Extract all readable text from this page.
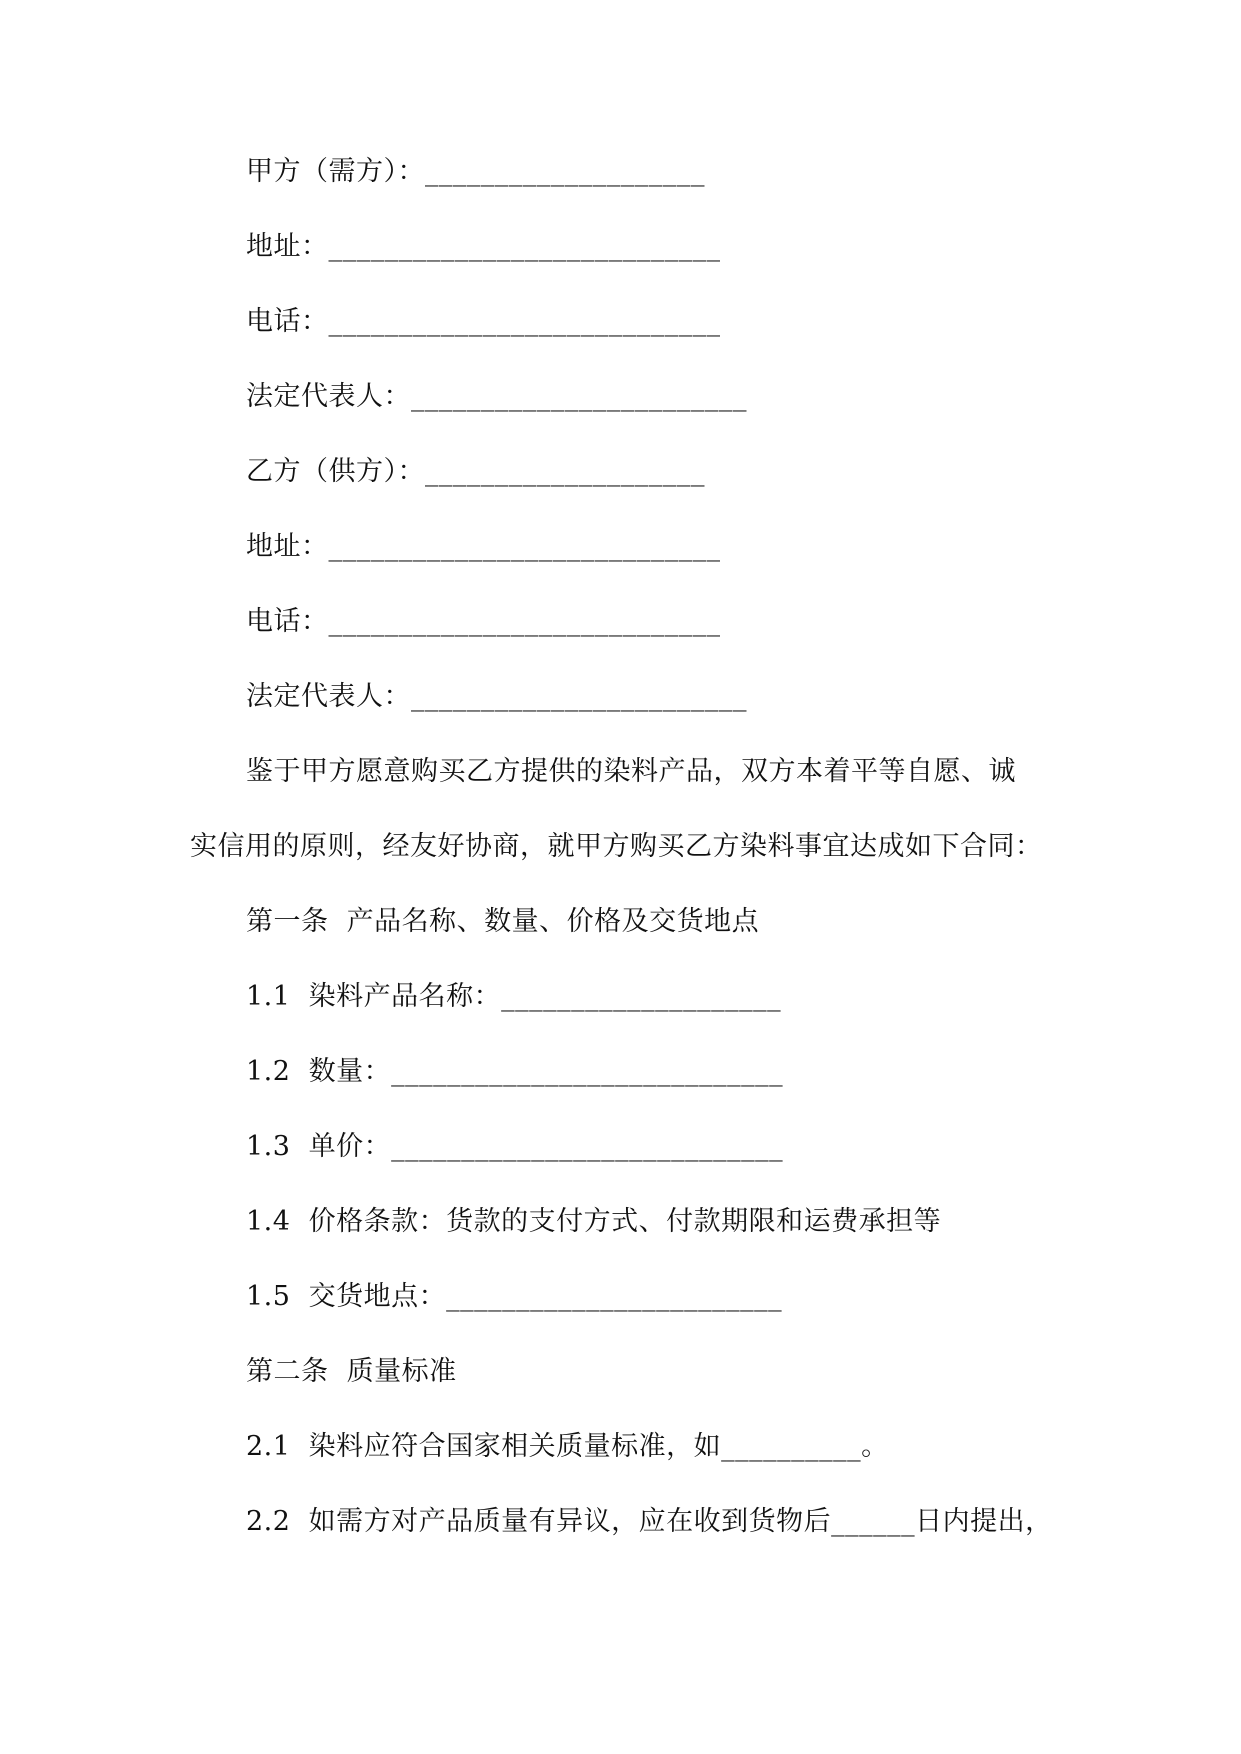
甲方（需方）：____________________
地址：____________________________
电话：____________________________
法定代表人：________________________
乙方（供方）：____________________
地址：____________________________
电话：____________________________
法定代表人：________________________
鉴于甲方愿意购买乙方提供的染料产品，双方本着平等自愿、诚
实信用的原则，经友好协商，就甲方购买乙方染料事宜达成如下合同：
第一条  产品名称、数量、价格及交货地点
1.1  染料产品名称：____________________
1.2  数量：____________________________
1.3  单价：____________________________
1.4  价格条款：货款的支付方式、付款期限和运费承担等
1.5  交货地点：________________________
第二条  质量标准
2.1  染料应符合国家相关质量标准，如__________。
2.2  如需方对产品质量有异议，应在收到货物后______日内提出，
